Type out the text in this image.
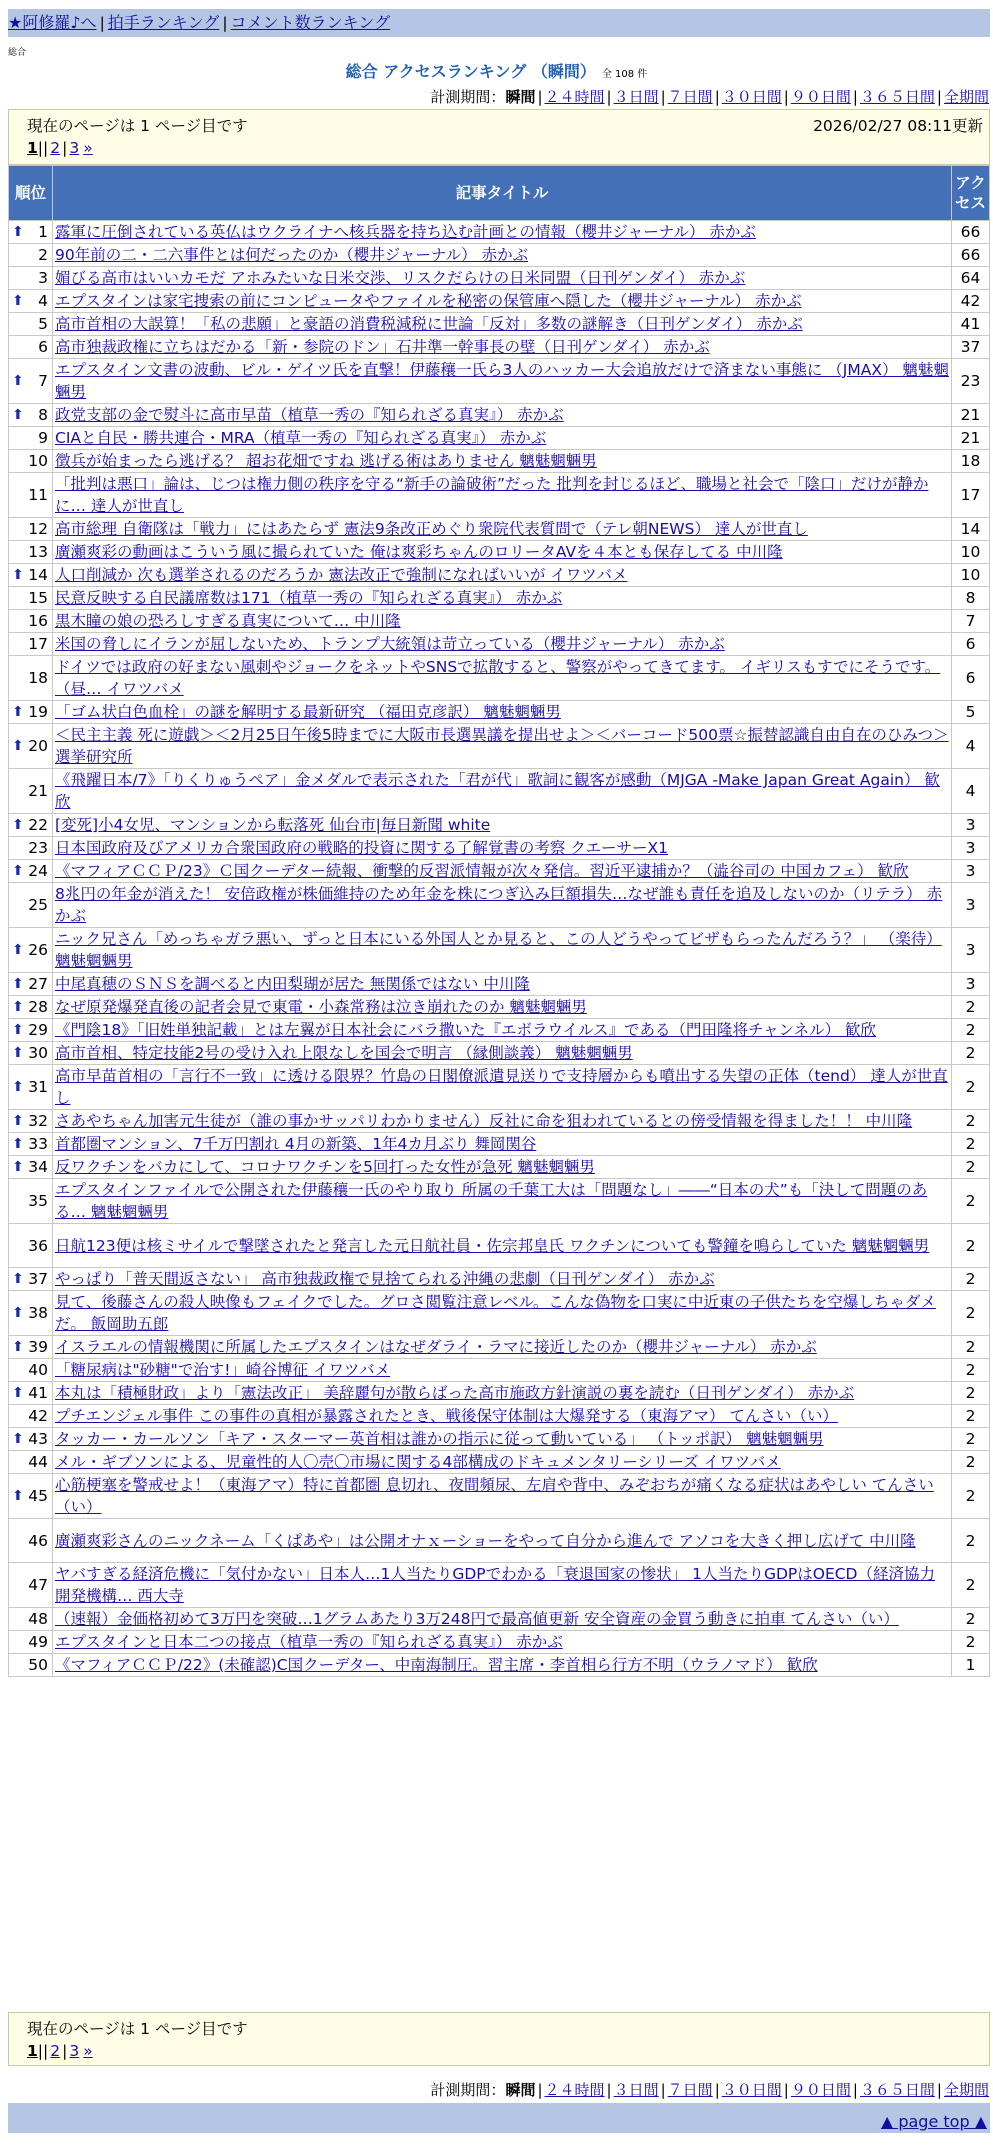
★阿修羅♪へ | 拍手ランキング | コメント数ランキング
総合
総合 アクセスランキング （瞬間） 全 108 件
計測期間：瞬間 | ２４時間 | ３日間 | ７日間 | ３０日間 | ９０日間 | ３６５日間 | 全期間
現在のページは 1 ページ目です	2026/02/27 08:11更新
1|| 2 | 3 »
順位	記事タイトル	アクセス

⬆ 1	露軍に圧倒されている英仏はウクライナへ核兵器を持ち込む計画との情報（櫻井ジャーナル） 赤かぶ	66
2	90年前の二・二六事件とは何だったのか（櫻井ジャーナル） 赤かぶ	66
3	媚びる高市はいいカモだ アホみたいな日米交渉、リスクだらけの日米同盟（日刊ゲンダイ） 赤かぶ	64

⬆ 4	エプスタインは家宅捜索の前にコンピュータやファイルを秘密の保管庫へ隠した（櫻井ジャーナル） 赤かぶ	42
5	高市首相の大誤算！「私の悲願」と豪語の消費税減税に世論「反対」多数の謎解き（日刊ゲンダイ） 赤かぶ	41
6	高市独裁政権に立ちはだかる「新・参院のドン」石井準一幹事長の壁（日刊ゲンダイ） 赤かぶ	37

⬆ 7	エプスタイン文書の波動、ビル・ゲイツ氏を直撃！伊藤穰一氏ら3人のハッカー大会追放だけで済まない事態に （JMAX） 魑魅魍魎男	23

⬆ 8	政党支部の金で熨斗に高市早苗（植草一秀の『知られざる真実』） 赤かぶ	21
9	CIAと自民・勝共連合・MRA（植草一秀の『知られざる真実』） 赤かぶ	21
10	徴兵が始まったら逃げる？ 超お花畑ですね 逃げる術はありません 魑魅魍魎男	18
11	「批判は悪口」論は、じつは権力側の秩序を守る“新手の論破術”だった 批判を封じるほど、職場と社会で「陰口」だけが静かに… 達人が世直し	17
12	高市総理 自衛隊は「戦力」にはあたらず 憲法9条改正めぐり衆院代表質問で（テレ朝NEWS） 達人が世直し	14
13	廣瀬爽彩の動画はこういう風に撮られていた 俺は爽彩ちゃんのロリータAVを４本とも保存してる 中川隆	10

⬆ 14	人口削減か 次も選挙されるのだろうか 憲法改正で強制になればいいが イワツバメ	10
15	民意反映する自民議席数は171（植草一秀の『知られざる真実』） 赤かぶ	8
16	黒木瞳の娘の恐ろしすぎる真実について… 中川隆	7
17	米国の脅しにイランが屈しないため、トランプ大統領は苛立っている（櫻井ジャーナル） 赤かぶ	6
18	ドイツでは政府の好まない風刺やジョークをネットやSNSで拡散すると、警察がやってきてます。 イギリスもすでにそうです。（昼… イワツバメ	6

⬆ 19	「ゴム状白色血栓」の謎を解明する最新研究 （福田克彦訳） 魑魅魍魎男	5

⬆ 20	＜民主主義 死に遊戯＞＜2月25日午後5時までに大阪市長選異議を提出せよ＞＜バーコード500票☆振替認識自由自在のひみつ＞ 選挙研究所	4
21	《飛躍日本/7》「りくりゅうペア」金メダルで表示された「君が代」歌詞に観客が感動（MJGA -Make Japan Great Again） 歓欣	4

⬆ 22	[変死]小4女児、マンションから転落死 仙台市|毎日新聞 white	3
23	日本国政府及びアメリカ合衆国政府の戦略的投資に関する了解覚書の考察 クエーサーX1	3

⬆ 24	《マフィアＣＣＰ/23》Ｃ国クーデター続報、衝撃的反習派情報が次々発信。習近平逮捕か？（澁谷司の 中国カフェ） 歓欣	3
25	8兆円の年金が消えた！ 安倍政権が株価維持のため年金を株につぎ込み巨額損失…なぜ誰も責任を追及しないのか（リテラ） 赤かぶ	3

⬆ 26	ニック兄さん「めっちゃガラ悪い、ずっと日本にいる外国人とか見ると、この人どうやってビザもらったんだろう？」 （楽待） 魑魅魍魎男	3

⬆ 27	中尾真穂のＳＮＳを調べると内田梨瑚が居た 無関係ではない 中川隆	3

⬆ 28	なぜ原発爆発直後の記者会見で東電・小森常務は泣き崩れたのか 魑魅魍魎男	2

⬆ 29	《門陰18》「旧姓単独記載」とは左翼が日本社会にバラ撒いた『エボラウイルス』である（門田隆将チャンネル） 歓欣	2

⬆ 30	高市首相、特定技能2号の受け入れ上限なしを国会で明言 （縁側談義） 魑魅魍魎男	2

⬆ 31	高市早苗首相の「言行不一致」に透ける限界？竹島の日閣僚派遣見送りで支持層からも噴出する失望の正体（tend） 達人が世直し	2

⬆ 32	さあやちゃん加害元生徒が（誰の事かサッパリわかりません）反社に命を狙われているとの傍受情報を得ました！！ 中川隆	2

⬆ 33	首都圏マンション、7千万円割れ 4月の新築、1年4カ月ぶり 舞岡関谷	2

⬆ 34	反ワクチンをバカにして、コロナワクチンを5回打った女性が急死 魑魅魍魎男	2
35	エプスタインファイルで公開された伊藤穰一氏のやり取り 所属の千葉工大は「問題なし」――“日本の犬”も「決して問題のある… 魑魅魍魎男	2
36	日航123便は核ミサイルで撃墜されたと発言した元日航社員・佐宗邦皇氏 ワクチンについても警鐘を鳴らしていた 魑魅魍魎男	2

⬆ 37	やっぱり「普天間返さない」 高市独裁政権で見捨てられる沖縄の悲劇（日刊ゲンダイ） 赤かぶ	2

⬆ 38	見て、後藤さんの殺人映像もフェイクでした。グロさ閲覧注意レベル。こんな偽物を口実に中近東の子供たちを空爆しちゃダメだ。 飯岡助五郎	2

⬆ 39	イスラエルの情報機関に所属したエプスタインはなぜダライ・ラマに接近したのか（櫻井ジャーナル） 赤かぶ	2
40	「糖尿病は"砂糖"で治す!」崎谷博征 イワツバメ	2

⬆ 41	本丸は「積極財政」より「憲法改正」 美辞麗句が散らばった高市施政方針演説の裏を読む（日刊ゲンダイ） 赤かぶ	2
42	プチエンジェル事件 この事件の真相が暴露されたとき、戦後保守体制は大爆発する（東海アマ） てんさい（い）	2

⬆ 43	タッカー・カールソン「キア・スターマー英首相は誰かの指示に従って動いている」 （トッポ訳） 魑魅魍魎男	2
44	メル・ギブソンによる、児童性的人〇売〇市場に関する4部構成のドキュメンタリーシリーズ イワツバメ	2

⬆ 45	心筋梗塞を警戒せよ！（東海アマ）特に首都圏 息切れ、夜間頻尿、左肩や背中、みぞおちが痛くなる症状はあやしい てんさい（い）	2
46	廣瀬爽彩さんのニックネーム「くぱあや」は公開オナｘーショーをやって自分から進んで アソコを大きく押し広げて 中川隆	2
47	ヤバすぎる経済危機に「気付かない」日本人…1人当たりGDPでわかる「衰退国家の惨状」 1人当たりGDPはOECD（経済協力開発機構… 西大寺	2
48	（速報）金価格初めて3万円を突破…1グラムあたり3万248円で最高値更新 安全資産の金買う動きに拍車 てんさい（い）	2
49	エプスタインと日本二つの接点（植草一秀の『知られざる真実』） 赤かぶ	2
50	《マフィアＣＣＰ/22》(未確認)C国クーデター、中南海制圧。習主席・李首相ら行方不明（ウラノマド） 歓欣	1
現在のページは 1 ページ目です
1|| 2 | 3 »
計測期間：瞬間 | ２４時間 | ３日間 | ７日間 | ３０日間 | ９０日間 | ３６５日間 | 全期間
▲ page top ▲
